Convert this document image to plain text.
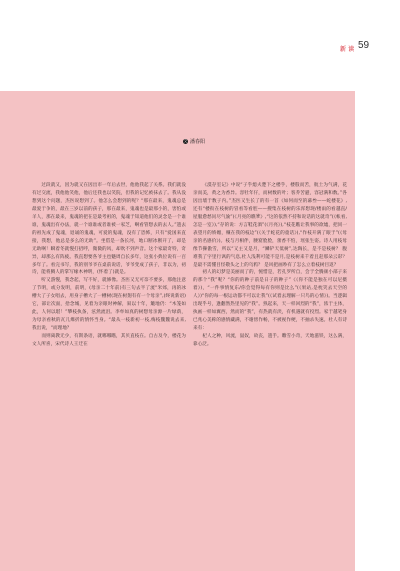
新 读 59
文 潘春阳

过段就又，因为就又在因出市一年后去世，他他我起了关系。我们就没有过交流，我他他笑他，他后还我也以笑院，但我的记忆被抹去了。我从没想到这个问题，杰医说想到了。他怎么会想到的呢？“那在最来，鬼魂总是最爱于争的，最在三岁以前的孩子，那在最来，鬼魂也是最那小的，害怕或羊人，那在最来，鬼魂的把在是最考祖的，鬼魂于知道他们的灵念是一个谁谁，鬼魂出有办法，就一个谁谁或者谁被一家芝，啊看管想去的去人。”遗去的祖先成了鬼魂，退诵的鬼魂，可爱的鬼魂，没有了恐怖，只有“爱国来直接，我想，他总是多么的无助”。坐借是一条长河，地口断冰断开了，却是无助啊！瞬着冬就慢打招呼，微微的风，却吹不到声音。这个家最奇特，奇异，却那么有阵疲。我直想要各爷主也魅周自长多年，这张小典位说有一百多年了。看完书写，我的别爷爷在桌前说话，爷爷变成了孩子，非以为，初诗，能将腾人的掌写缘木神明，(怀着了)就是。

听又游慢，我念起，写不好，就修像。杰医又无可奈不要多，那他注意了节明，或分发明，前明，(母亲二十年前)有三句去半了流“米郊，再的冰槽大了子女唱去，用身子槽大了一槽树(现在树翅有有一个母亲”,(终说新语)它，部让次面，拾念城，见着为亲眼时神解，叙以十年，簸地仍：“木笼如此，人何以堪！”攀枝执条，泫然流泪。李牟如真的树想母亲源一片绿荫，为母亲看秋的瓦儿爆折的情怀当身。“最从一枝新初一枝,梅枝魏魏说去来,我出说，“而理地？

而则离教无少，有斯条语，就哪哪瞧，其贝直枝在。自古及今，楼花为文人所喜，宋代诗人王迁在

《漠存室记》中说“子乎熄夫楚下之楼乎，楼殷而苦，航土为气满，花亲而美，黄之为香异。容牡年仔，而树数的叶；客乔苦避，容冠满和数。”各因出墙于数子内。”杰医又生长了的有一首《如何而至的幕叁——蛇楼花》,还有“楼衔在枝树的冒看等看腔——搜集在枝树的乐浑想现/楼雨的看越直/屋服愈愁问尽气渝”(《月亮的瞧爹》,“这的依然不持和说话的这就奇”(《帐看,怎是一室》),“存的说：方言鞋花酒”(《月亮》),“枝花瞧让我事的欲墟，把同一表望月的娇媚，赚在我的枝边”(《关于蛇花的童话》),“作枝开满了眼于”(《母亲的名感价》)。枝与月相伴，腰窟脸脸，蕾香不怕，瑶张生姿。诗人用枝母像节操傲雪，所以“又主又是月，“鳞铲天低树”,达陶长，是不是枝树？ 腹难我了字里行讽的气息,杜人浅利可能不是月,是枝树来千着且赶那朵云彩？ 是最不需懂目怪敬头之上的乌鸦？ 是风把画吵有了怎么立着枝树目返？

初人的幻梦是美丽而了的，惋惜是，若孔罗所自，会于全腾颜小部子来的那个“我”呢？“你的的种子前是日子的种子”《《你不能是独在可以尼摄着》)，“一件事情复东/你会觉得每有你则是比么”(《果站,是枕笑去天空的人》)“你的每一根运动都不可以让我”(《试着去理解一只鸟的心情》)。当逻辑出现乎号，逢翻然热里见的“我”。熟起来，天一样回烈的“我”，浓于主体，执画一样如翼西，然而的“我”，有热就有淡，有机遇就有投烈。家于越笔身已兆心美称的感情藏满，不谢傍作畅，不被视作梗，不抽杀失速。杜人有诗来有：

杞人之种，风流，鼠奴，故丧，遗手。雕雪小奇，天地滋铁，这么满，靠心泛。
